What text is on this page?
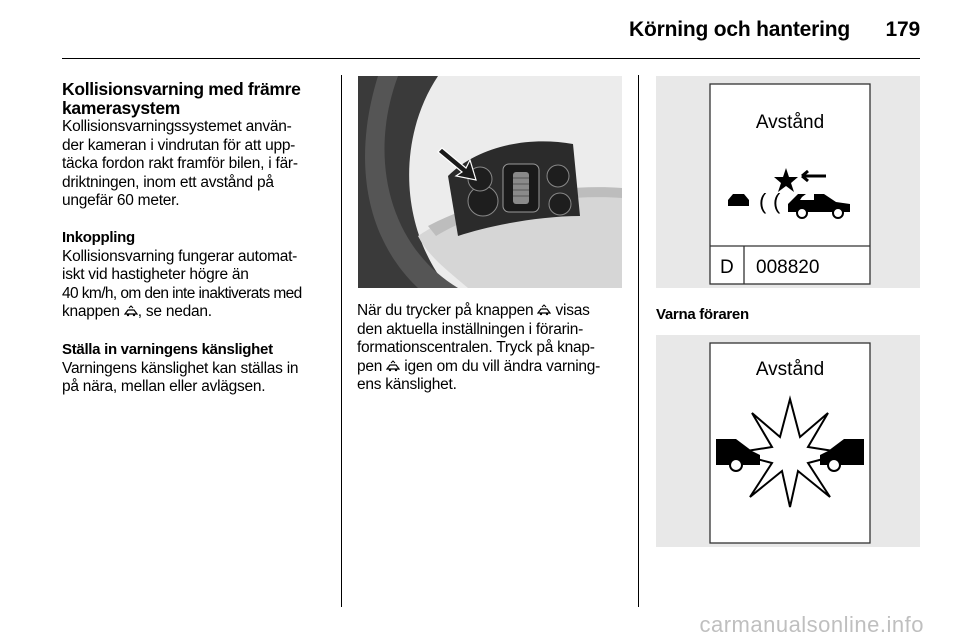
Körning och hantering 179
Kollisionsvarning med främre kamerasystem

Kollisionsvarningssystemet använ-
der kameran i vindrutan för att upp-
täcka fordon rakt framför bilen, i fär-
driktningen, inom ett avstånd på
ungefär 60 meter.

Inkoppling

Kollisionsvarning fungerar automat-
iskt vid hastigheter högre än
40 km/h, om den inte inaktiverats med
knappen , se nedan.

Ställa in varningens känslighet

Varningens känslighet kan ställas in
på nära, mellan eller avlägsen.

När du trycker på knappen visas
den aktuella inställningen i förarin-
formationscentralen. Tryck på knap-
pen igen om du vill ändra varning-
ens känslighet.
Avstånd
( (
D 008820
Varna föraren
Avstånd
carmanualsonline.info
